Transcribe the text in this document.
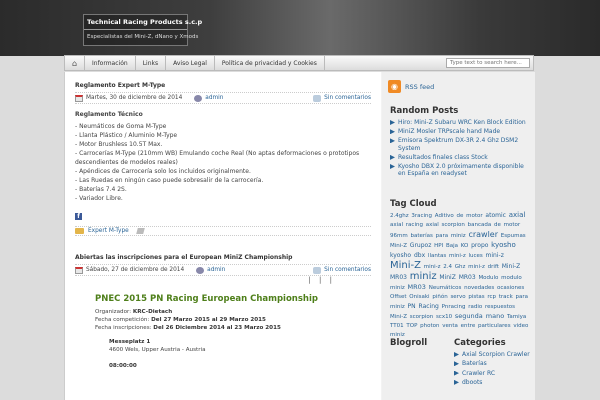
Technical Racing Products s.c.p
Especialistas del Mini-Z, dNano y Xmods
⌂	Información	Links	Aviso Legal	Política de privacidad y Cookies
Type text to search here...
Reglamento Expert M-Type
Martes, 30 de diciembre de 2014	admin	Sin comentarios
Reglamento Técnico
- Neumáticos de Goma M-Type
- Llanta Plástico / Aluminio M-Type
- Motor Brushless 10.5T Max.
- Carrocerías M-Type (210mm WB) Emulando coche Real (No aptas deformaciones o prototipos descendientes de modelos reales)
- Apéndices de Carrocería solo los incluidos originalmente.
- Las Ruedas en ningún caso puede sobresalir de la carrocería.
- Baterías 7.4 2S.
- Variador Libre.
f
Expert M-Type
Abiertas las inscripciones para el European MiniZ Championship
Sábado, 27 de diciembre de 2014	admin	Sin comentarios
| | |
PNEC 2015 PN Racing European Championship
Organizador: KRC-Dietach
Fecha competición: Del 27 Marzo 2015 al 29 Marzo 2015
Fecha inscripciones: Del 26 Diciembre 2014 al 23 Marzo 2015
Messeplatz 1
4600 Wels, Upper Austria - Austria
08:00:00
◉	RSS feed
Random Posts
Hiro: Mini-Z Subaru WRC Ken Block Edition
MiniZ Mosler TRPscale hand Made
Emisora Spektrum DX-3R 2.4 Ghz DSM2 System
Resultados finales class Stock
Kyosho DBX 2.0 próximamente disponible en España en readyset
Tag Cloud
2.4ghz 3racing Aditivo de motor atomic axial axial racing axial scorpion bancada de motor 96mm baterías para miniz crawler Espumas Mini-Z Grupoz HPI Baja KO propo kyosho kyosho dbx llantas mini-z luces mini-z Mini-Z mini-z 2.4 Ghz mini-z drift Mini-Z MR03 miniz MiniZ MR03 Modulo modulo miniz MR03 Neumáticos novedades ocasiones Offset Onisaki piñón servo pistas rcp track para miniz PN Racing Pnracing radio respuestos Mini-Z scorpion scx10 segunda mano Tamiya TT01 TOP photon venta entre particulares video miniz
Blogroll	Categories
Axial Scorpion Crawler
Baterías
Crawler RC
dboots
